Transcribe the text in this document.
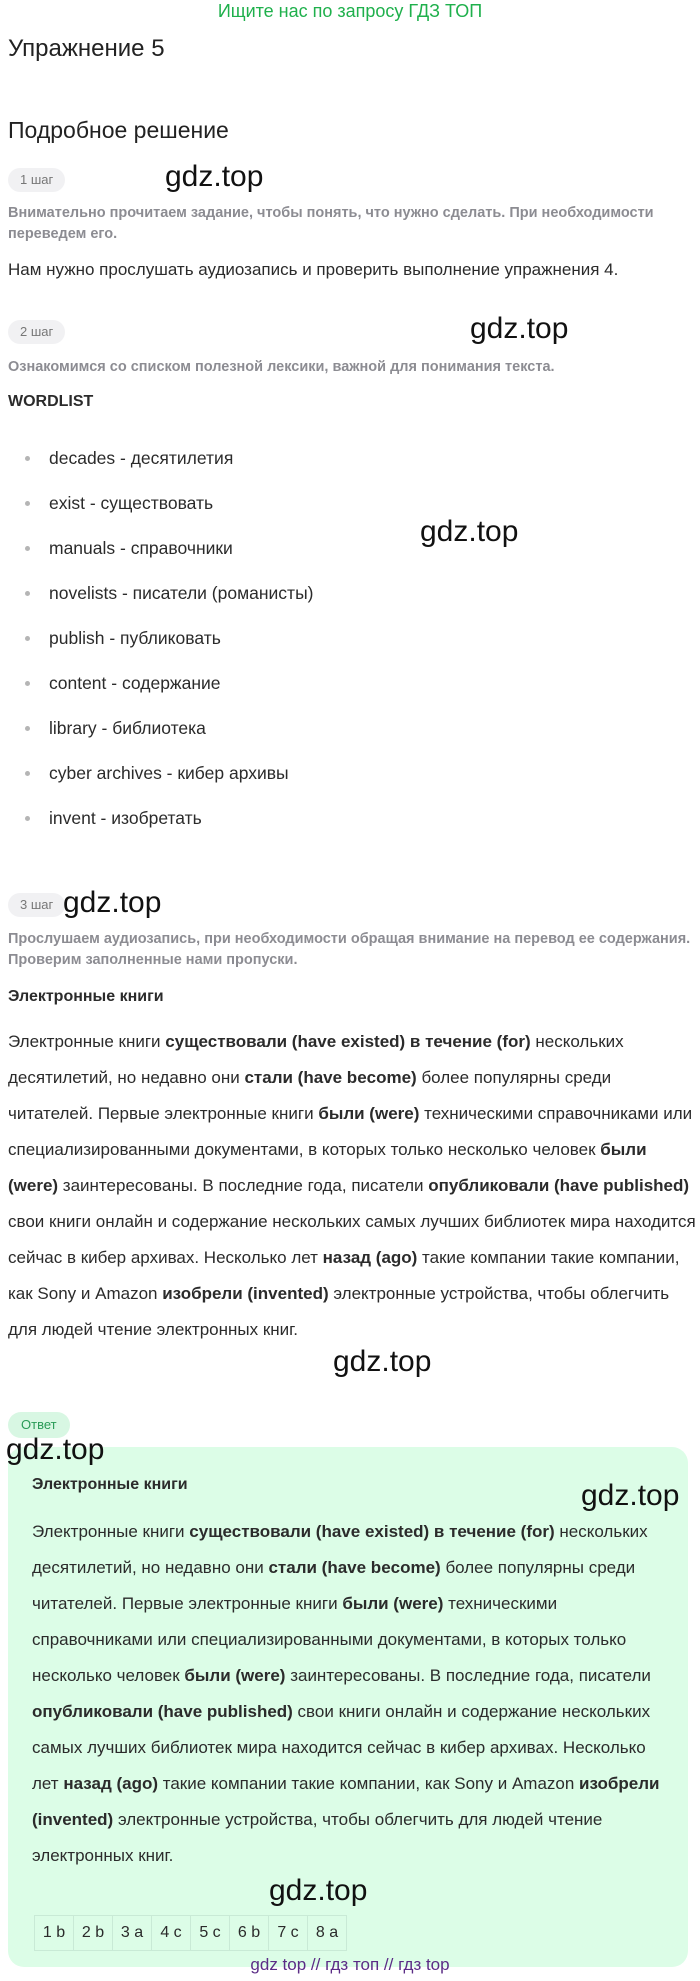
Ищите нас по запросу ГДЗ ТОП
Упражнение 5
Подробное решение
1 шаг	gdz.top
Внимательно прочитаем задание, чтобы понять, что нужно сделать. При необходимости переведем его.
Нам нужно прослушать аудиозапись и проверить выполнение упражнения 4.
2 шаг	gdz.top
Ознакомимся со списком полезной лексики, важной для понимания текста.
WORDLIST
decades - десятилетия
exist - существовать
manuals - справочники
novelists - писатели (романисты)
publish - публиковать
content - содержание
library - библиотека
cyber archives - кибер архивы
invent - изобретать
gdz.top
3 шаг gdz.top
Прослушаем аудиозапись, при необходимости обращая внимание на перевод ее содержания. Проверим заполненные нами пропуски.
Электронные книги
Электронные книги существовали (have existed) в течение (for) нескольких десятилетий, но недавно они стали (have become) более популярны среди читателей. Первые электронные книги были (were) техническими справочниками или специализированными документами, в которых только несколько человек были (were) заинтересованы. В последние года, писатели опубликовали (have published) свои книги онлайн и содержание нескольких самых лучших библиотек мира находится сейчас в кибер архивах. Несколько лет назад (ago) такие компании такие компании, как Sony и Amazon изобрели (invented) электронные устройства, чтобы облегчить для людей чтение электронных книг.
gdz.top
Ответ
gdz.top
Электронные книги	gdz.top
Электронные книги существовали (have existed) в течение (for) нескольких десятилетий, но недавно они стали (have become) более популярны среди читателей. Первые электронные книги были (were) техническими справочниками или специализированными документами, в которых только несколько человек были (were) заинтересованы. В последние года, писатели опубликовали (have published) свои книги онлайн и содержание нескольких самых лучших библиотек мира находится сейчас в кибер архивах. Несколько лет назад (ago) такие компании такие компании, как Sony и Amazon изобрели (invented) электронные устройства, чтобы облегчить для людей чтение электронных книг.
gdz.top
1 b	2 b	3 a	4 c	5 c	6 b	7 c	8 a
gdz top // гдз топ // гдз top
